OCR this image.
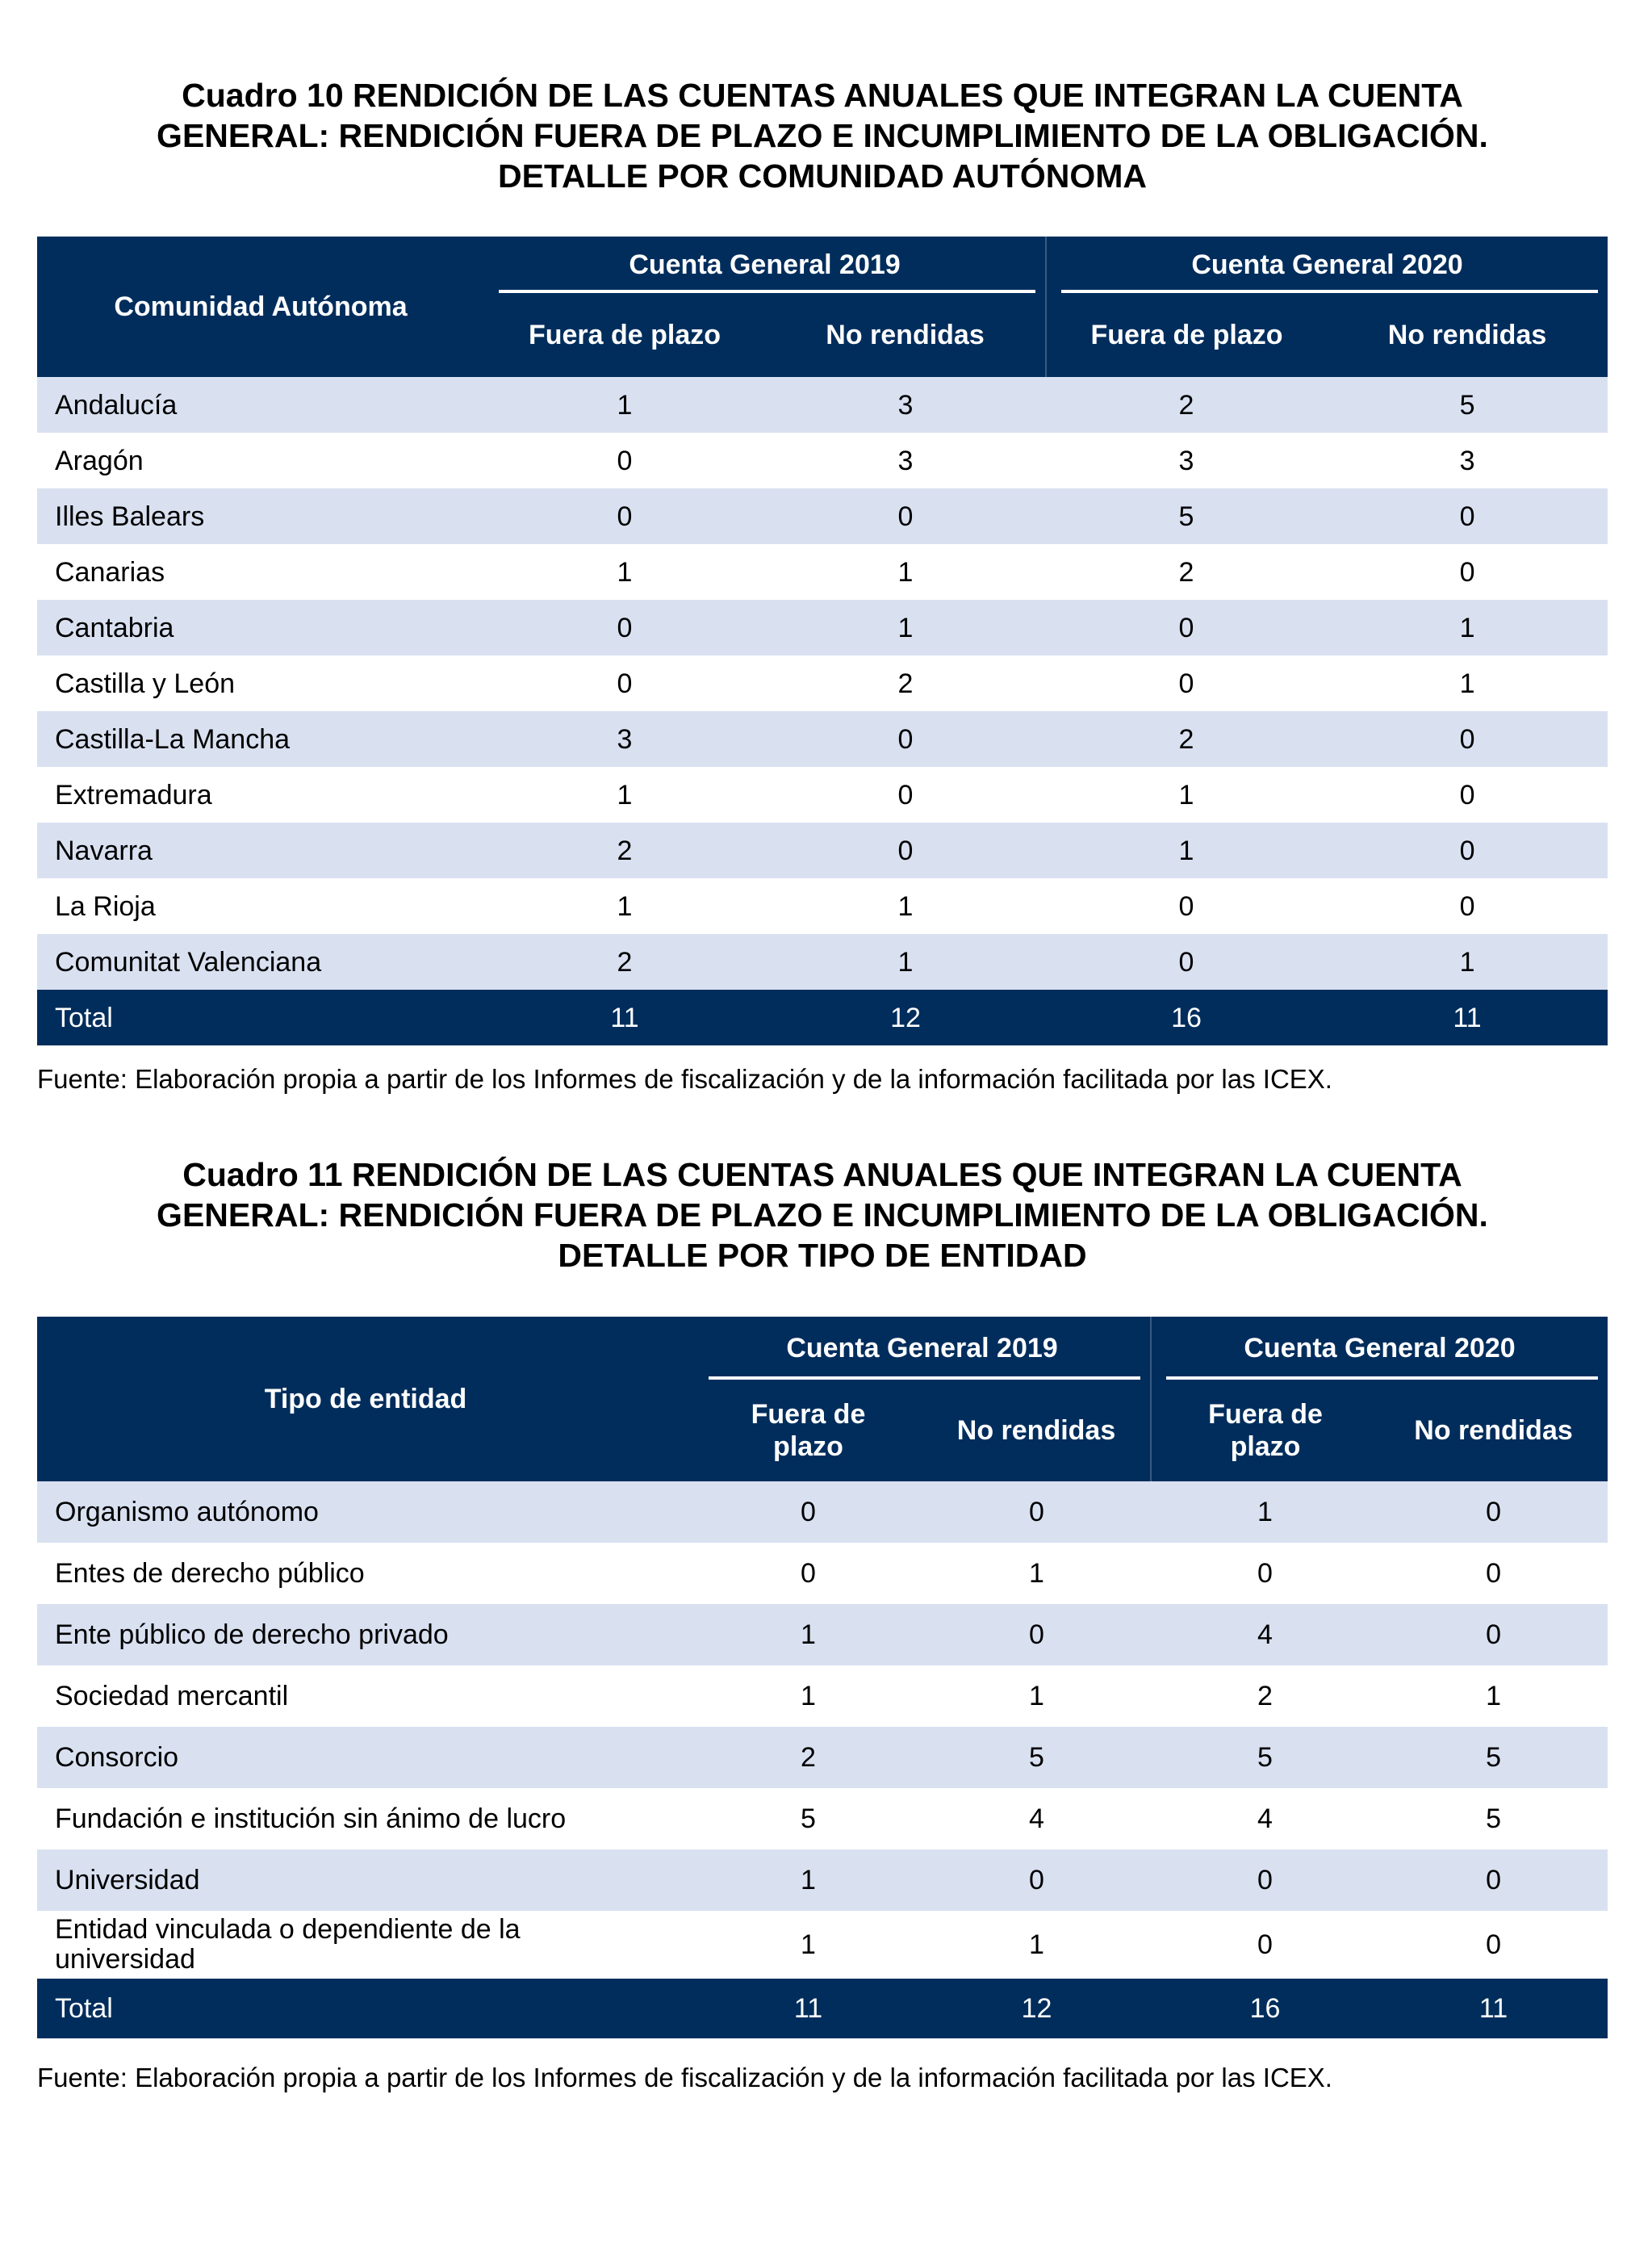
Cuadro 10 RENDICIÓN DE LAS CUENTAS ANUALES QUE INTEGRAN LA CUENTA
GENERAL: RENDICIÓN FUERA DE PLAZO E INCUMPLIMIENTO DE LA OBLIGACIÓN.
DETALLE POR COMUNIDAD AUTÓNOMA
Comunidad Autónoma	Cuenta General 2019		Cuenta General 2020	
	Fuera de plazo	No rendidas	Fuera de plazo	No rendidas
Andalucía	1	3	2	5
Aragón	0	3	3	3
Illes Balears	0	0	5	0
Canarias	1	1	2	0
Cantabria	0	1	0	1
Castilla y León	0	2	0	1
Castilla-La Mancha	3	0	2	0
Extremadura	1	0	1	0
Navarra	2	0	1	0
La Rioja	1	1	0	0
Comunitat Valenciana	2	1	0	1
Total	11	12	16	11

Fuente: Elaboración propia a partir de los Informes de fiscalización y de la información facilitada por las ICEX.

Cuadro 11 RENDICIÓN DE LAS CUENTAS ANUALES QUE INTEGRAN LA CUENTA
GENERAL: RENDICIÓN FUERA DE PLAZO E INCUMPLIMIENTO DE LA OBLIGACIÓN.
DETALLE POR TIPO DE ENTIDAD
Tipo de entidad	Cuenta General 2019		Cuenta General 2020	
	Fuera de
plazo	No rendidas	Fuera de
plazo	No rendidas
Organismo autónomo	0	0	1	0
Entes de derecho público	0	1	0	0
Ente público de derecho privado	1	0	4	0
Sociedad mercantil	1	1	2	1
Consorcio	2	5	5	5
Fundación e institución sin ánimo de lucro	5	4	4	5
Universidad	1	0	0	0
Entidad vinculada o dependiente de la
universidad	1	1	0	0
Total	11	12	16	11

Fuente: Elaboración propia a partir de los Informes de fiscalización y de la información facilitada por las ICEX.
